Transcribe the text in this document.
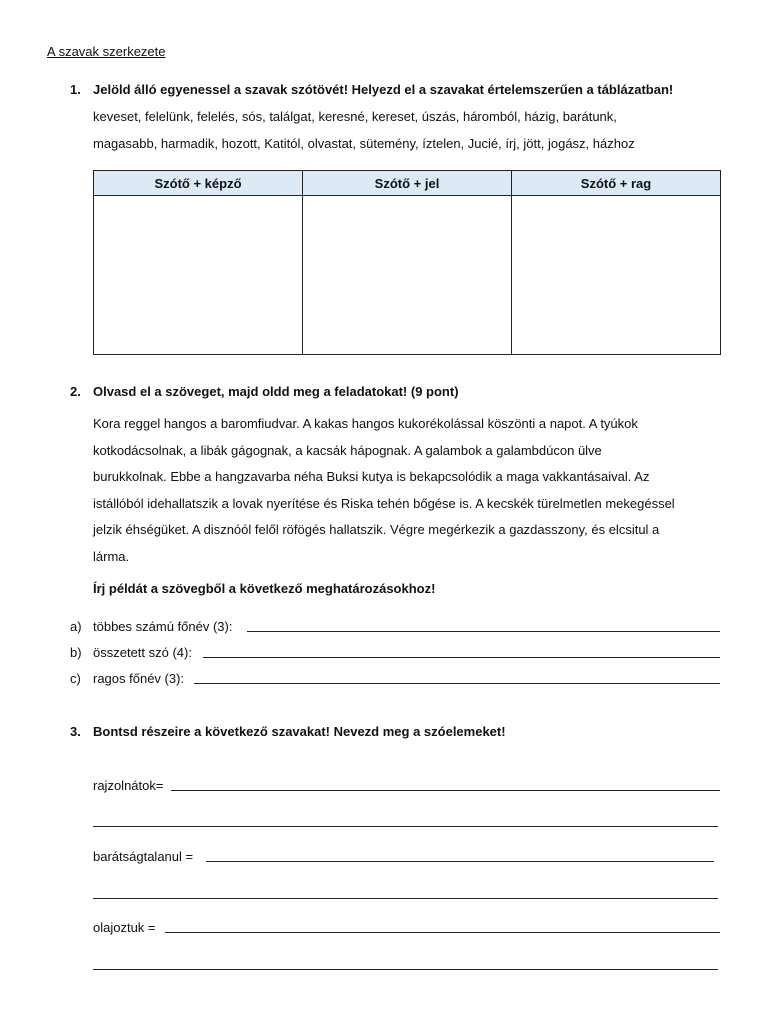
A szavak szerkezete
1. Jelöld álló egyenessel a szavak szótövét! Helyezd el a szavakat értelemszerűen a táblázatban!
keveset, felelünk, felelés, sós, találgat, keresné, kereset, úszás, háromból, házig, barátunk,
magasabb, harmadik, hozott, Katitól, olvastat, sütemény, íztelen, Jucié, írj, jött, jogász, házhoz
Szótő + képző	Szótő + jel	Szótő + rag

2. Olvasd el a szöveget, majd oldd meg a feladatokat! (9 pont)
Kora reggel hangos a baromfiudvar. A kakas hangos kukorékolással köszönti a napot. A tyúkok
kotkodácsolnak, a libák gágognak, a kacsák hápognak. A galambok a galambdúcon ülve
burukkolnak. Ebbe a hangzavarba néha Buksi kutya is bekapcsolódik a maga vakkantásaival. Az
istállóból idehallatszik a lovak nyerítése és Riska tehén bőgése is. A kecskék türelmetlen mekegéssel
jelzik éhségüket. A disznóól felől röfögés hallatszik. Végre megérkezik a gazdasszony, és elcsitul a
lárma.
Írj példát a szövegből a következő meghatározásokhoz!
a) többes számú főnév (3):
b) összetett szó (4):
c) ragos főnév (3):
3. Bontsd részeire a következő szavakat! Nevezd meg a szóelemeket!
rajzolnátok=
barátságtalanul =
olajoztuk =
